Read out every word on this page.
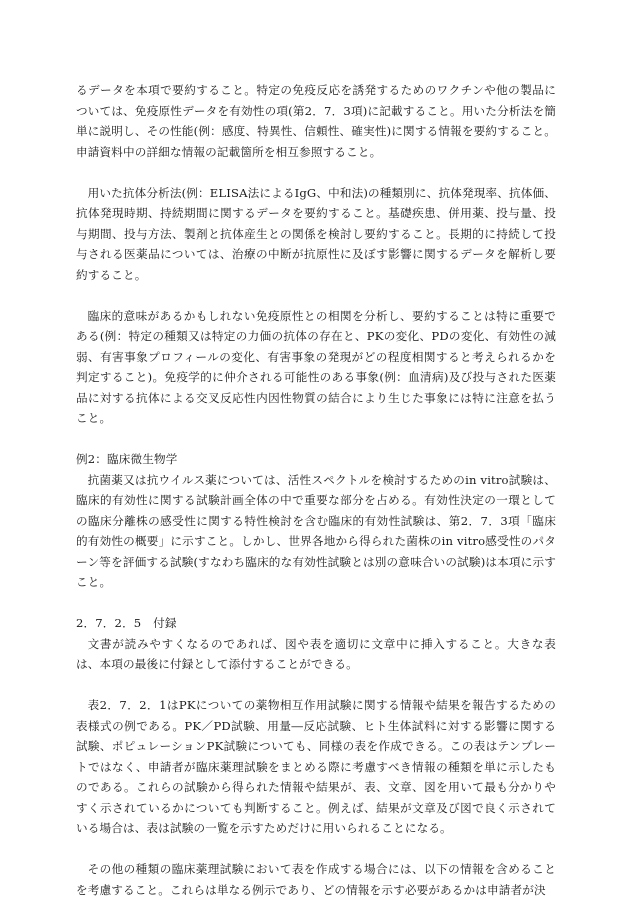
るデータを本項で要約すること。特定の免疫反応を誘発するためのワクチンや他の製品については、免疫原性データを有効性の項(第2．7．3項)に記載すること。用いた分析法を簡単に説明し、その性能(例：感度、特異性、信頼性、確実性)に関する情報を要約すること。申請資料中の詳細な情報の記載箇所を相互参照すること。

用いた抗体分析法(例：ELISA法によるIgG、中和法)の種類別に、抗体発現率、抗体価、抗体発現時期、持続期間に関するデータを要約すること。基礎疾患、併用薬、投与量、投与期間、投与方法、製剤と抗体産生との関係を検討し要約すること。長期的に持続して投与される医薬品については、治療の中断が抗原性に及ぼす影響に関するデータを解析し要約すること。

臨床的意味があるかもしれない免疫原性との相関を分析し、要約することは特に重要である(例：特定の種類又は特定の力価の抗体の存在と、PKの変化、PDの変化、有効性の減弱、有害事象プロフィールの変化、有害事象の発現がどの程度相関すると考えられるかを判定すること)。免疫学的に仲介される可能性のある事象(例：血清病)及び投与された医薬品に対する抗体による交叉反応性内因性物質の結合により生じた事象には特に注意を払うこと。

例2：臨床微生物学

抗菌薬又は抗ウイルス薬については、活性スペクトルを検討するためのin vitro試験は、臨床的有効性に関する試験計画全体の中で重要な部分を占める。有効性決定の一環としての臨床分離株の感受性に関する特性検討を含む臨床的有効性試験は、第2．7．3項「臨床的有効性の概要」に示すこと。しかし、世界各地から得られた菌株のin vitro感受性のパターン等を評価する試験(すなわち臨床的な有効性試験とは別の意味合いの試験)は本項に示すこと。

2．7．2．5　付録

文書が読みやすくなるのであれば、図や表を適切に文章中に挿入すること。大きな表は、本項の最後に付録として添付することができる。

表2．7．2．1はPKについての薬物相互作用試験に関する情報や結果を報告するための表様式の例である。PK／PD試験、用量―反応試験、ヒト生体試料に対する影響に関する試験、ポピュレーションPK試験についても、同様の表を作成できる。この表はテンプレートではなく、申請者が臨床薬理試験をまとめる際に考慮すべき情報の種類を単に示したものである。これらの試験から得られた情報や結果が、表、文章、図を用いて最も分かりやすく示されているかについても判断すること。例えば、結果が文章及び図で良く示されている場合は、表は試験の一覧を示すためだけに用いられることになる。

その他の種類の臨床薬理試験において表を作成する場合には、以下の情報を含めることを考慮すること。これらは単なる例示であり、どの情報を示す必要があるかは申請者が決
